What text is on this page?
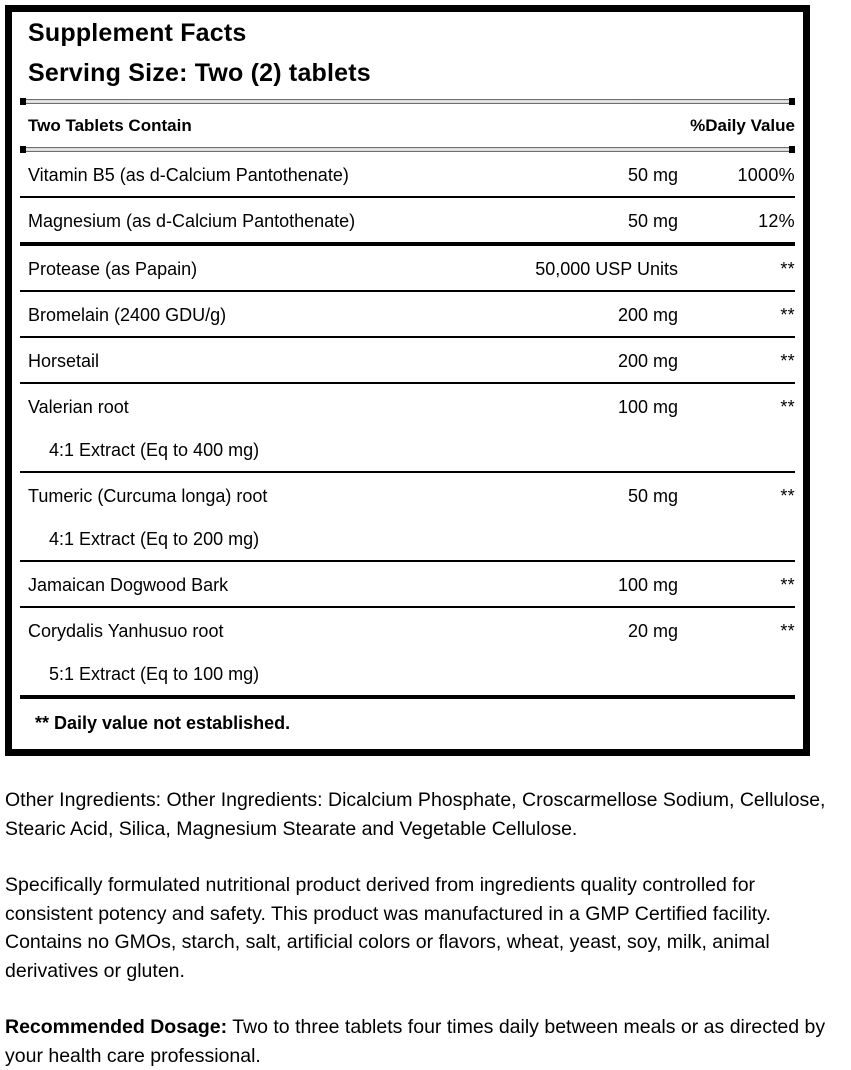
Supplement Facts
Serving Size: Two (2) tablets
Two Tablets Contain	%Daily Value
Vitamin B5 (as d-Calcium Pantothenate)	50 mg	1000%
Magnesium (as d-Calcium Pantothenate)	50 mg	12%
Protease (as Papain)	50,000 USP Units	**
Bromelain (2400 GDU/g)	200 mg	**
Horsetail	200 mg	**
Valerian root	100 mg	**
4:1 Extract (Eq to 400 mg)
Tumeric (Curcuma longa) root	50 mg	**
4:1 Extract (Eq to 200 mg)
Jamaican Dogwood Bark	100 mg	**
Corydalis Yanhusuo root	20 mg	**
5:1 Extract (Eq to 100 mg)
** Daily value not established.

Other Ingredients: Other Ingredients: Dicalcium Phosphate, Croscarmellose Sodium, Cellulose, Stearic Acid, Silica, Magnesium Stearate and Vegetable Cellulose.

Specifically formulated nutritional product derived from ingredients quality controlled for consistent potency and safety. This product was manufactured in a GMP Certified facility. Contains no GMOs, starch, salt, artificial colors or flavors, wheat, yeast, soy, milk, animal derivatives or gluten.

Recommended Dosage: Two to three tablets four times daily between meals or as directed by your health care professional.
